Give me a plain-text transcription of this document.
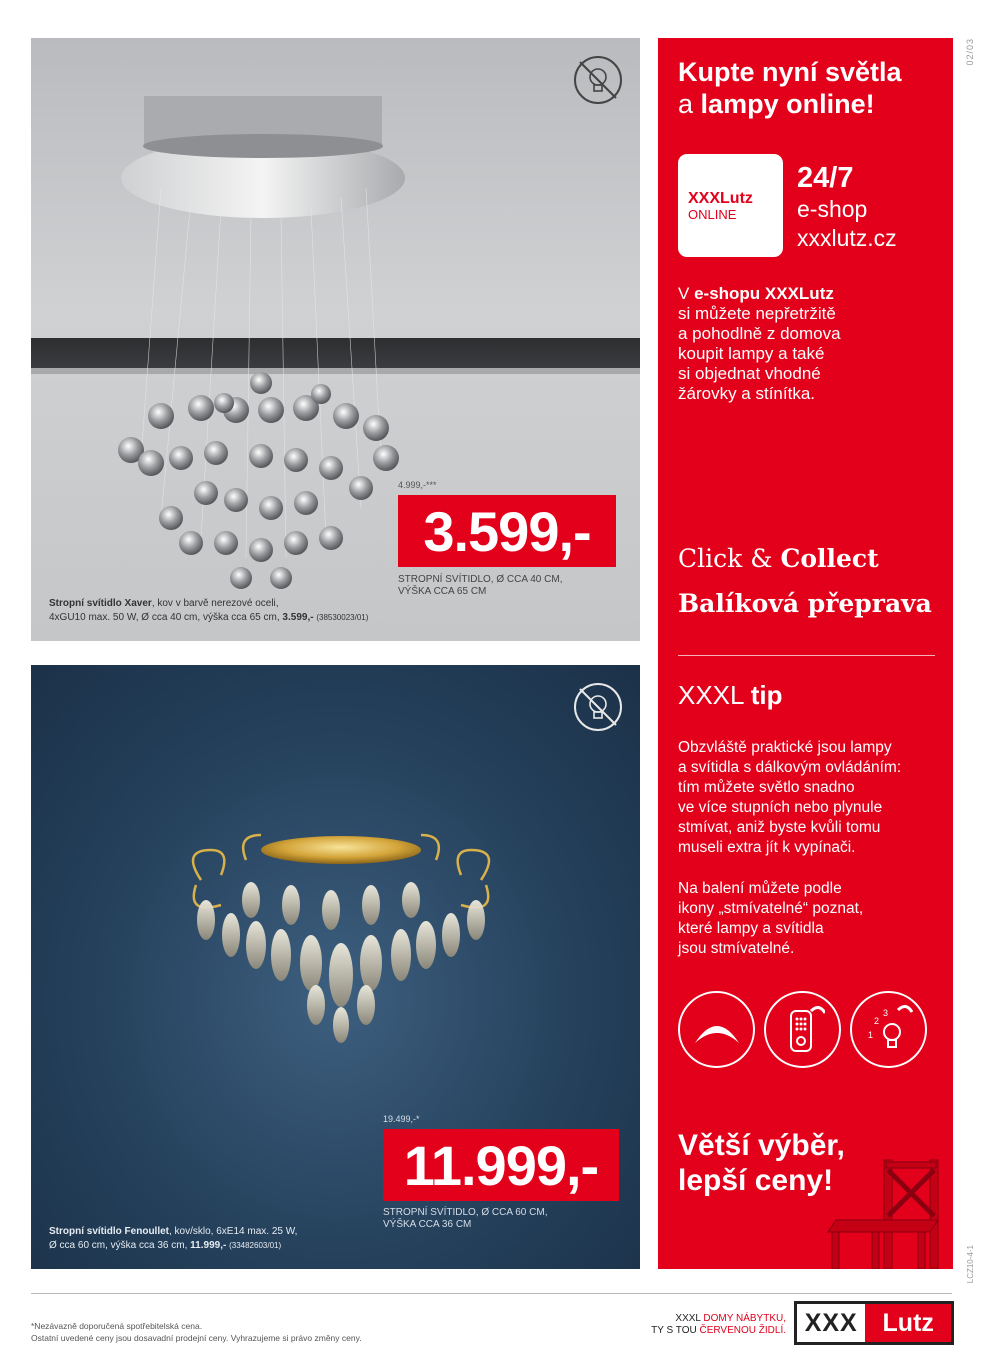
02/03
LCZ10-4-1
4.999,-***
3.599,-
STROPNÍ SVÍTIDLO, Ø CCA 40 CM,
VÝŠKA CCA 65 CM
Stropní svítidlo Xaver, kov v barvě nerezové oceli,
4xGU10 max. 50 W, Ø cca 40 cm, výška cca 65 cm, 3.599,- (38530023/01)
19.499,-*
11.999,-
STROPNÍ SVÍTIDLO, Ø CCA 60 CM,
VÝŠKA CCA 36 CM
Stropní svítidlo Fenoullet, kov/sklo, 6xE14 max. 25 W,
Ø cca 60 cm, výška cca 36 cm, 11.999,- (33482603/01)
Kupte nyní světla
a lampy online!
XXXLutz
ONLINE
24/7
e-shop
xxxlutz.cz
V e-shopu XXXLutz
si můžete nepřetržitě
a pohodlně z domova
koupit lampy a také
si objednat vhodné
žárovky a stínítka.
Click & Collect
Balíková přeprava
XXXL tip
Obzvláště praktické jsou lampy
a svítidla s dálkovým ovládáním:
tím můžete světlo snadno
ve více stupních nebo plynule
stmívat, aniž byste kvůli tomu
museli extra jít k vypínači.
Na balení můžete podle
ikony „stmívatelné“ poznat,
které lampy a svítidla
jsou stmívatelné.
1
2
3
Větší výběr,
lepší ceny!
*Nezávazně doporučená spotřebitelská cena.
Ostatní uvedené ceny jsou dosavadní prodejní ceny. Vyhrazujeme si právo změny ceny.
XXXL DOMY NÁBYTKU,
TY S TOU ČERVENOU ŽIDLÍ. XXX Lutz
